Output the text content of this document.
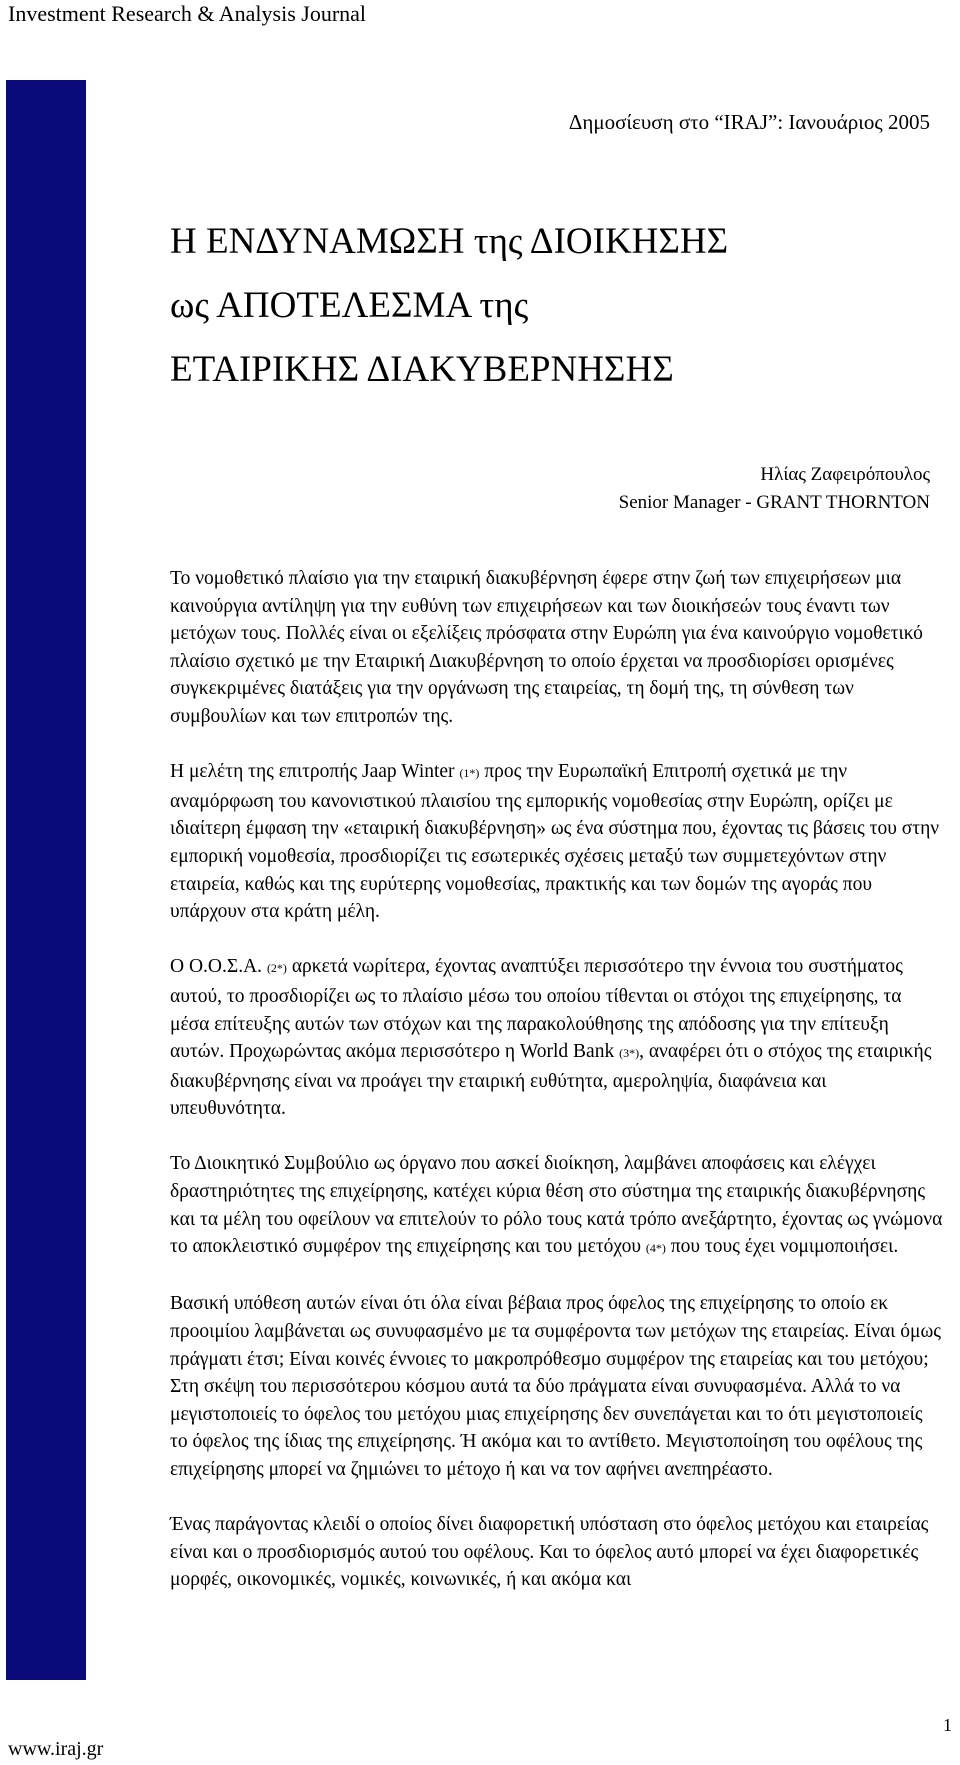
Investment Research & Analysis Journal
Δημοσίευση στο “IRAJ”: Ιανουάριος 2005
Η ΕΝΔΥΝΑΜΩΣΗ της ΔΙΟΙΚΗΣΗΣ
ως ΑΠΟΤΕΛΕΣΜΑ της
ΕΤΑΙΡΙΚΗΣ ΔΙΑΚΥΒΕΡΝΗΣΗΣ
Ηλίας Ζαφειρόπουλος
Senior Manager - GRANT THORNTON

Το νομοθετικό πλαίσιο για την εταιρική διακυβέρνηση έφερε στην ζωή των επιχειρήσεων μια καινούργια αντίληψη για την ευθύνη των επιχειρήσεων και των διοικήσεών τους έναντι των μετόχων τους. Πολλές είναι οι εξελίξεις πρόσφατα στην Ευρώπη για ένα καινούργιο νομοθετικό πλαίσιο σχετικό με την Εταιρική Διακυβέρνηση το οποίο έρχεται να προσδιορίσει ορισμένες συγκεκριμένες διατάξεις για την οργάνωση της εταιρείας, τη δομή της, τη σύνθεση των συμβουλίων και των επιτροπών της.

Η μελέτη της επιτροπής Jaap Winter (1*) προς την Ευρωπαϊκή Επιτροπή σχετικά με την αναμόρφωση του κανονιστικού πλαισίου της εμπορικής νομοθεσίας στην Ευρώπη, ορίζει με ιδιαίτερη έμφαση την «εταιρική διακυβέρνηση» ως ένα σύστημα που, έχοντας τις βάσεις του στην εμπορική νομοθεσία, προσδιορίζει τις εσωτερικές σχέσεις μεταξύ των συμμετεχόντων στην εταιρεία, καθώς και της ευρύτερης νομοθεσίας, πρακτικής και των δομών της αγοράς που υπάρχουν στα κράτη μέλη.

Ο Ο.Ο.Σ.Α. (2*) αρκετά νωρίτερα, έχοντας αναπτύξει περισσότερο την έννοια του συστήματος αυτού, το προσδιορίζει ως το πλαίσιο μέσω του οποίου τίθενται οι στόχοι της επιχείρησης, τα μέσα επίτευξης αυτών των στόχων και της παρακολούθησης της απόδοσης για την επίτευξη αυτών. Προχωρώντας ακόμα περισσότερο η World Bank (3*), αναφέρει ότι ο στόχος της εταιρικής διακυβέρνησης είναι να προάγει την εταιρική ευθύτητα, αμεροληψία, διαφάνεια και υπευθυνότητα.

Το Διοικητικό Συμβούλιο ως όργανο που ασκεί διοίκηση, λαμβάνει αποφάσεις και ελέγχει δραστηριότητες της επιχείρησης, κατέχει κύρια θέση στο σύστημα της εταιρικής διακυβέρνησης και τα μέλη του οφείλουν να επιτελούν το ρόλο τους κατά τρόπο ανεξάρτητο, έχοντας ως γνώμονα το αποκλειστικό συμφέρον της επιχείρησης και του μετόχου (4*) που τους έχει νομιμοποιήσει.

Βασική υπόθεση αυτών είναι ότι όλα είναι βέβαια προς όφελος της επιχείρησης το οποίο εκ προοιμίου λαμβάνεται ως συνυφασμένο με τα συμφέροντα των μετόχων της εταιρείας. Είναι όμως πράγματι έτσι; Είναι κοινές έννοιες το μακροπρόθεσμο συμφέρον της εταιρείας και του μετόχου; Στη σκέψη του περισσότερου κόσμου αυτά τα δύο πράγματα είναι συνυφασμένα. Αλλά το να μεγιστοποιείς το όφελος του μετόχου μιας επιχείρησης δεν συνεπάγεται και το ότι μεγιστοποιείς το όφελος της ίδιας της επιχείρησης. Ή ακόμα και το αντίθετο. Μεγιστοποίηση του οφέλους της επιχείρησης μπορεί να ζημιώνει το μέτοχο ή και να τον αφήνει ανεπηρέαστο.

Ένας παράγοντας κλειδί ο οποίος δίνει διαφορετική υπόσταση στο όφελος μετόχου και εταιρείας είναι και ο προσδιορισμός αυτού του οφέλους. Και το όφελος αυτό μπορεί να έχει διαφορετικές μορφές, οικονομικές, νομικές, κοινωνικές, ή και ακόμα και

1
www.iraj.gr
